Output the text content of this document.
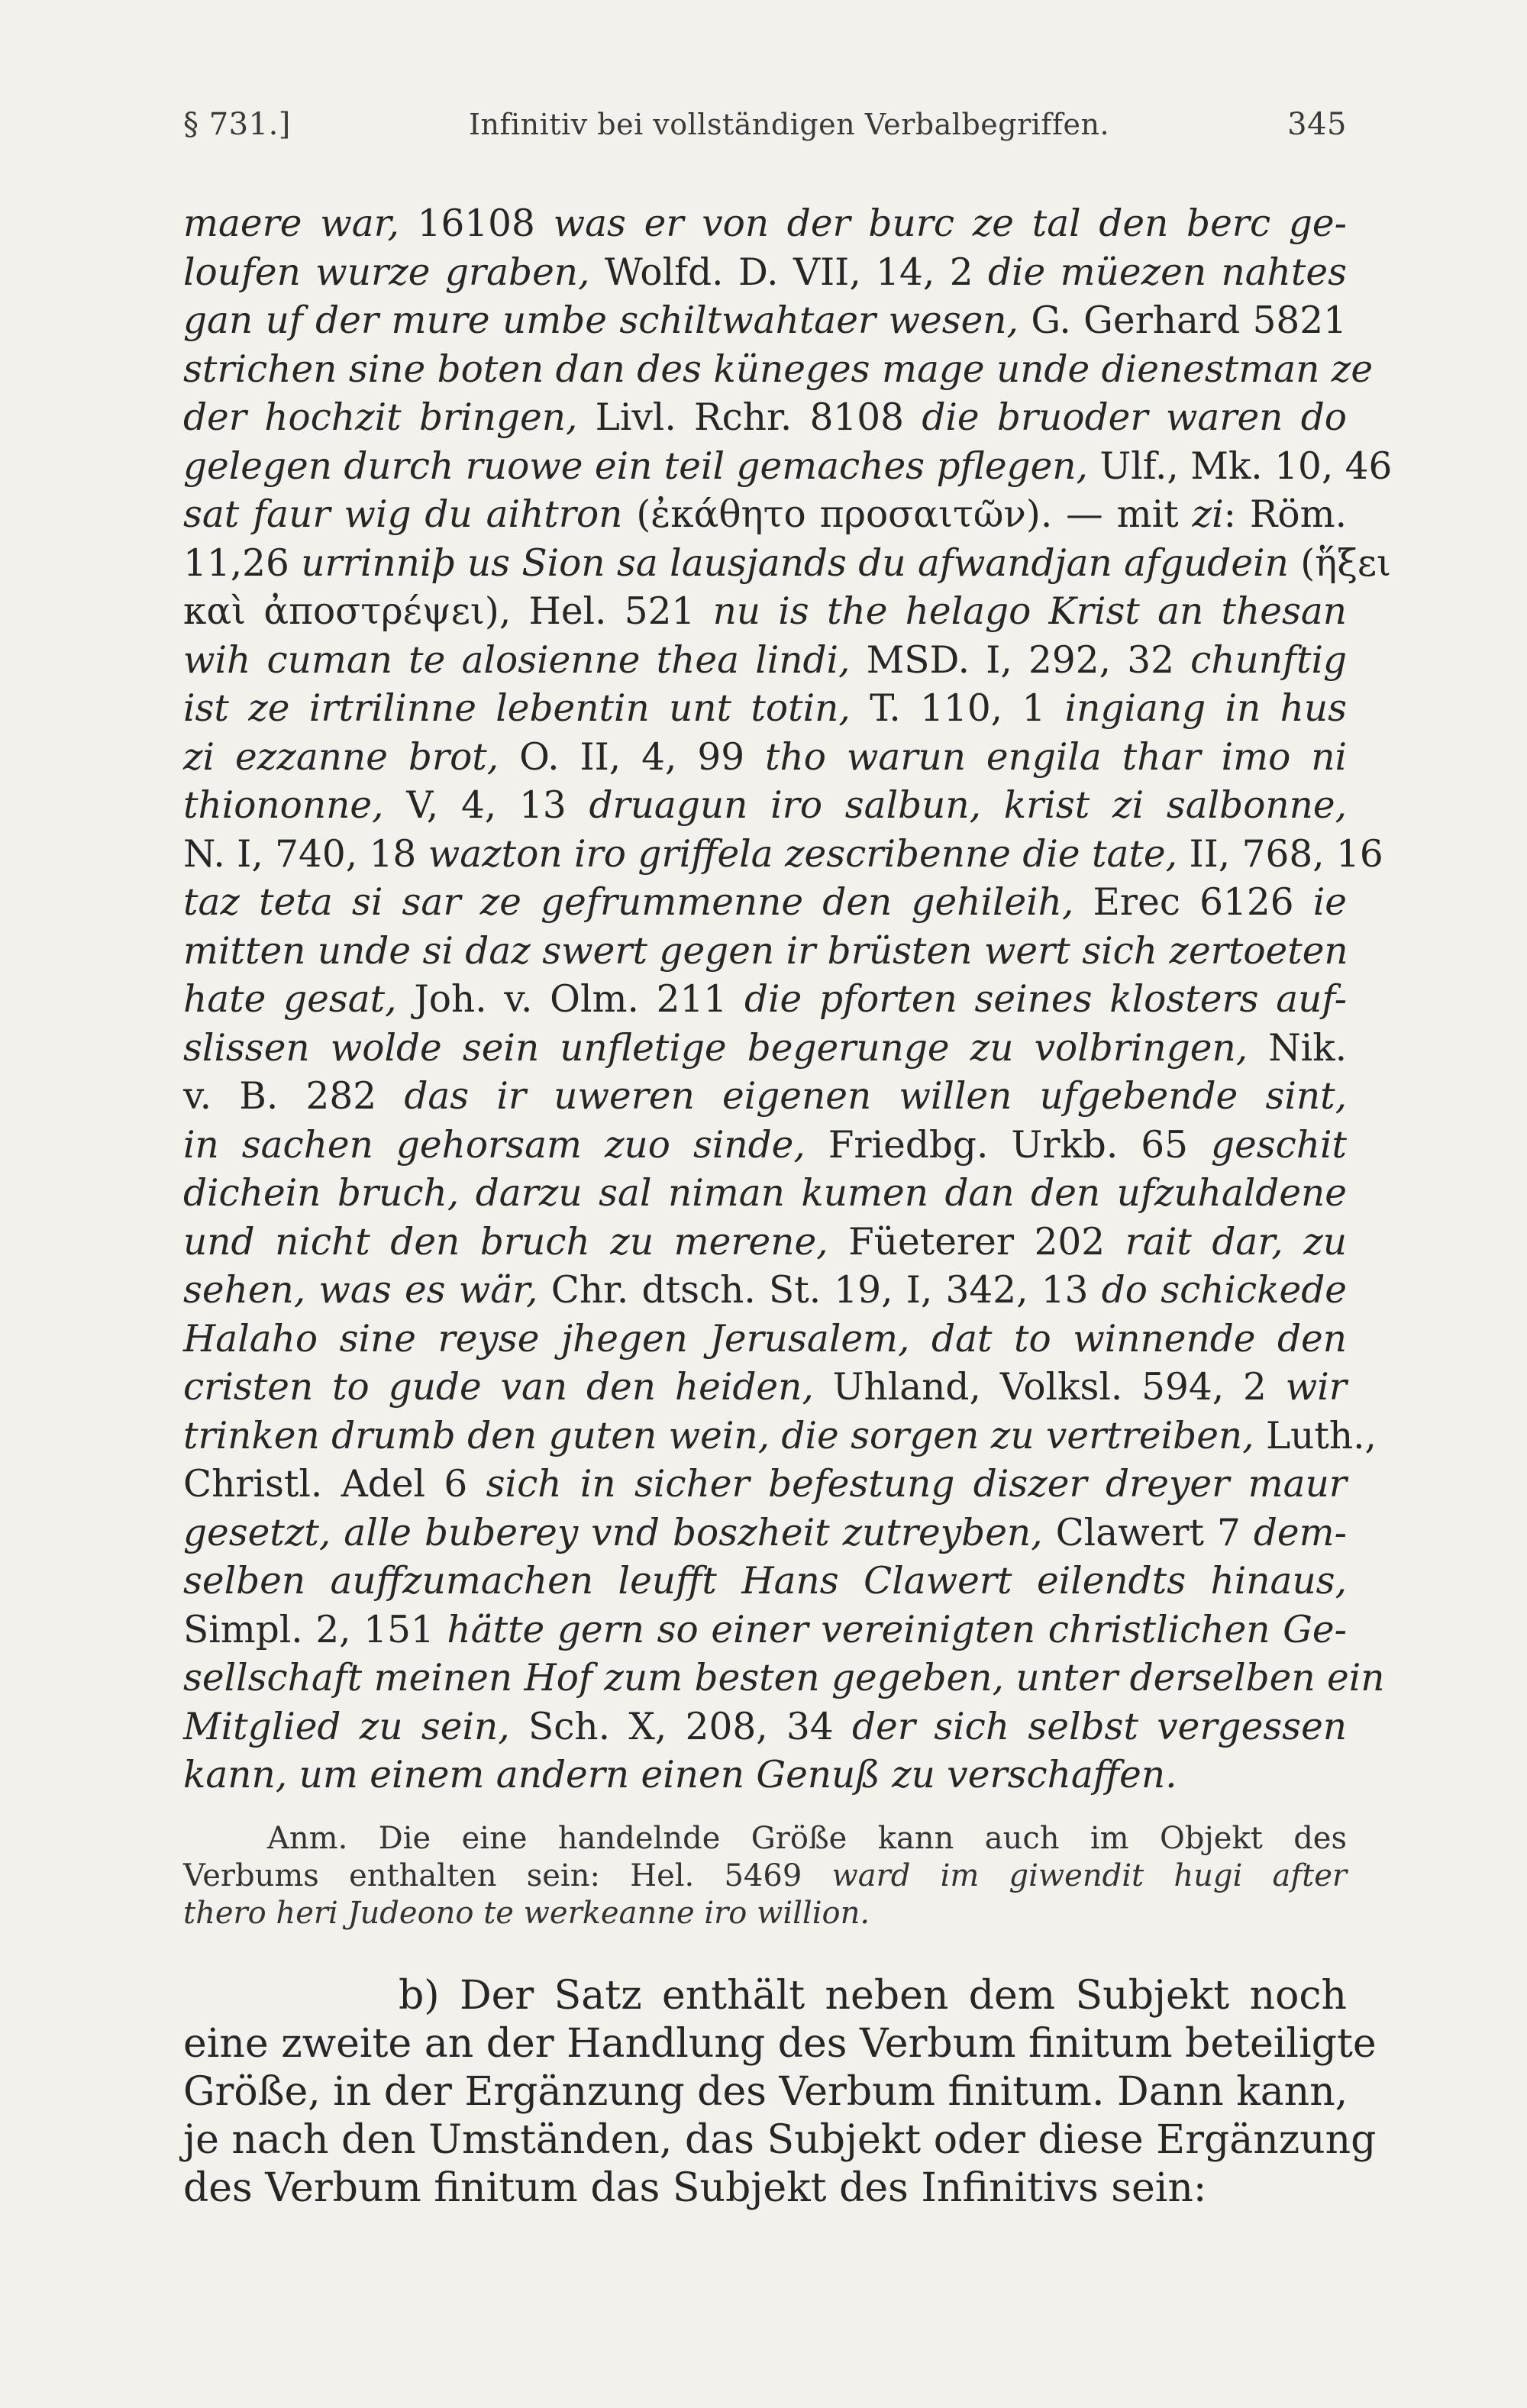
§ 731.]	Infinitiv bei vollständigen Verbalbegriffen.	345
maere war, 16108 was er von der burc ze tal den berc ge-
loufen wurze graben, Wolfd. D. VII, 14, 2 die müezen nahtes
gan uf der mure umbe schiltwahtaer wesen, G. Gerhard 5821
strichen sine boten dan des küneges mage unde dienestman ze
der hochzit bringen, Livl. Rchr. 8108 die bruoder waren do
gelegen durch ruowe ein teil gemaches pflegen, Ulf., Mk. 10, 46
sat faur wig du aihtron (ἐκάθητο προσαιτῶν). — mit zi: Röm.
11,26 urrinniþ us Sion sa lausjands du afwandjan afgudein (ἥξει
καὶ ἀποστρέψει), Hel. 521 nu is the helago Krist an thesan
wih cuman te alosienne thea lindi, MSD. I, 292, 32 chunftig
ist ze irtrilinne lebentin unt totin, T. 110, 1 ingiang in hus
zi ezzanne brot, O. II, 4, 99 tho warun engila thar imo ni
thiononne, V, 4, 13 druagun iro salbun, krist zi salbonne,
N. I, 740, 18 wazton iro griffela zescribenne die tate, II, 768, 16
taz teta si sar ze gefrummenne den gehileih, Erec 6126 ie
mitten unde si daz swert gegen ir brüsten wert sich zertoeten
hate gesat, Joh. v. Olm. 211 die pforten seines klosters auf-
slissen wolde sein unfletige begerunge zu volbringen, Nik.
v. B. 282 das ir uweren eigenen willen ufgebende sint,
in sachen gehorsam zuo sinde, Friedbg. Urkb. 65 geschit
dichein bruch, darzu sal niman kumen dan den ufzuhaldene
und nicht den bruch zu merene, Füeterer 202 rait dar, zu
sehen, was es wär, Chr. dtsch. St. 19, I, 342, 13 do schickede
Halaho sine reyse jhegen Jerusalem, dat to winnende den
cristen to gude van den heiden, Uhland, Volksl. 594, 2 wir
trinken drumb den guten wein, die sorgen zu vertreiben, Luth.,
Christl. Adel 6 sich in sicher befestung diszer dreyer maur
gesetzt, alle buberey vnd boszheit zutreyben, Clawert 7 dem-
selben auffzumachen leufft Hans Clawert eilendts hinaus,
Simpl. 2, 151 hätte gern so einer vereinigten christlichen Ge-
sellschaft meinen Hof zum besten gegeben, unter derselben ein
Mitglied zu sein, Sch. X, 208, 34 der sich selbst vergessen
kann, um einem andern einen Genuß zu verschaffen.
Anm. Die eine handelnde Größe kann auch im Objekt des
Verbums enthalten sein: Hel. 5469 ward im giwendit hugi after
thero heri Judeono te werkeanne iro willion.
b) Der Satz enthält neben dem Subjekt noch
eine zweite an der Handlung des Verbum finitum beteiligte
Größe, in der Ergänzung des Verbum finitum. Dann kann,
je nach den Umständen, das Subjekt oder diese Ergänzung
des Verbum finitum das Subjekt des Infinitivs sein:
